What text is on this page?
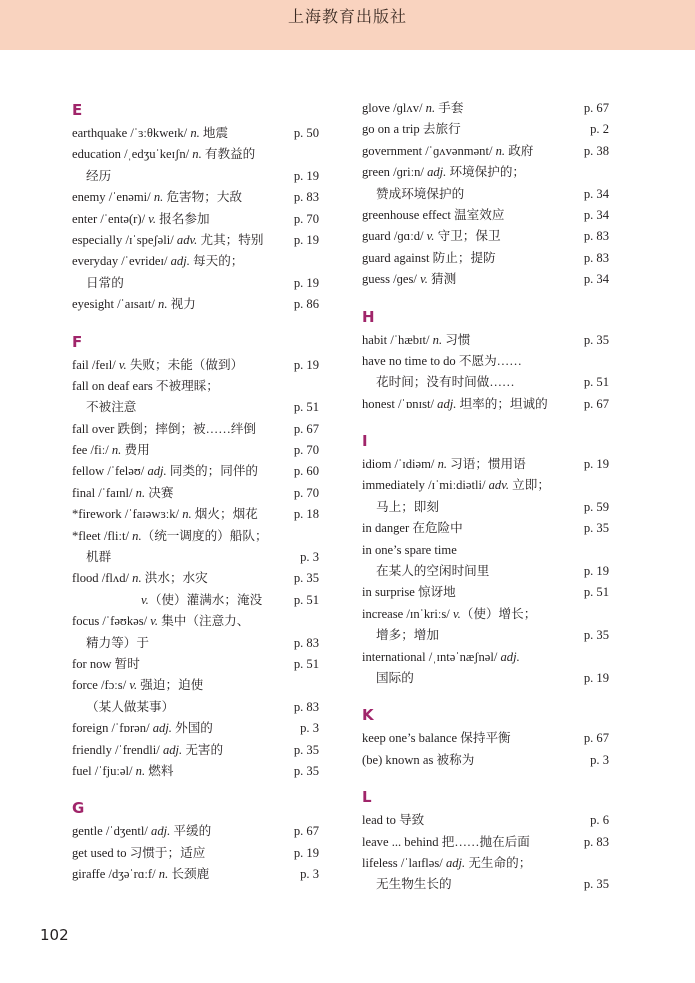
上海教育出版社
E
earthquake /ˈɜːθkweɪk/ n. 地震	p. 50
education /ˌedʒuˈkeɪʃn/ n. 有教益的
经历	p. 19
enemy /ˈenəmi/ n. 危害物；大敌	p. 83
enter /ˈentə(r)/ v. 报名参加	p. 70
especially /ɪˈspeʃəli/ adv. 尤其；特别 p. 19
everyday /ˈevrideɪ/ adj. 每天的；
日常的	p. 19
eyesight /ˈaɪsaɪt/ n. 视力	p. 86
F
fail /feɪl/ v. 失败；未能（做到）	p. 19
fall on deaf ears 不被理睬；
不被注意	p. 51
fall over 跌倒；摔倒；被……绊倒	p. 67
fee /fiː/ n. 费用	p. 70
fellow /ˈfeləʊ/ adj. 同类的；同伴的	p. 60
final /ˈfaɪnl/ n. 决赛	p. 70
*firework /ˈfaɪəwɜːk/ n. 烟火；烟花	p. 18
*fleet /fliːt/ n.（统一调度的）船队；
机群	p. 3
flood /flʌd/ n. 洪水；水灾	p. 35
v.（使）灌满水；淹没	p. 51
focus /ˈfəʊkəs/ v. 集中（注意力、
精力等）于	p. 83
for now 暂时	p. 51
force /fɔːs/ v. 强迫；迫使
（某人做某事）	p. 83
foreign /ˈfɒrən/ adj. 外国的	p. 3
friendly /ˈfrendli/ adj. 无害的	p. 35
fuel /ˈfjuːəl/ n. 燃料	p. 35
G
gentle /ˈdʒentl/ adj. 平缓的	p. 67
get used to 习惯于；适应	p. 19
giraffe /dʒəˈrɑːf/ n. 长颈鹿	p. 3
glove /ɡlʌv/ n. 手套	p. 67
go on a trip 去旅行	p. 2
government /ˈɡʌvənmənt/ n. 政府	p. 38
green /ɡriːn/ adj. 环境保护的；
赞成环境保护的	p. 34
greenhouse effect 温室效应	p. 34
guard /ɡɑːd/ v. 守卫；保卫	p. 83
guard against 防止；提防	p. 83
guess /ɡes/ v. 猜测	p. 34
H
habit /ˈhæbɪt/ n. 习惯	p. 35
have no time to do 不愿为……
花时间；没有时间做……	p. 51
honest /ˈɒnɪst/ adj. 坦率的；坦诚的	p. 67
I
idiom /ˈɪdiəm/ n. 习语；惯用语	p. 19
immediately /ɪˈmiːdiətli/ adv. 立即；
马上；即刻	p. 59
in danger 在危险中	p. 35
in one’s spare time
在某人的空闲时间里	p. 19
in surprise 惊讶地	p. 51
increase /ɪnˈkriːs/ v.（使）增长；
增多；增加	p. 35
international /ˌɪntəˈnæʃnəl/ adj.
国际的	p. 19
K
keep one’s balance 保持平衡	p. 67
(be) known as 被称为	p. 3
L
lead to 导致	p. 6
leave ... behind 把……抛在后面	p. 83
lifeless /ˈlaɪfləs/ adj. 无生命的；
无生物生长的	p. 35
102
